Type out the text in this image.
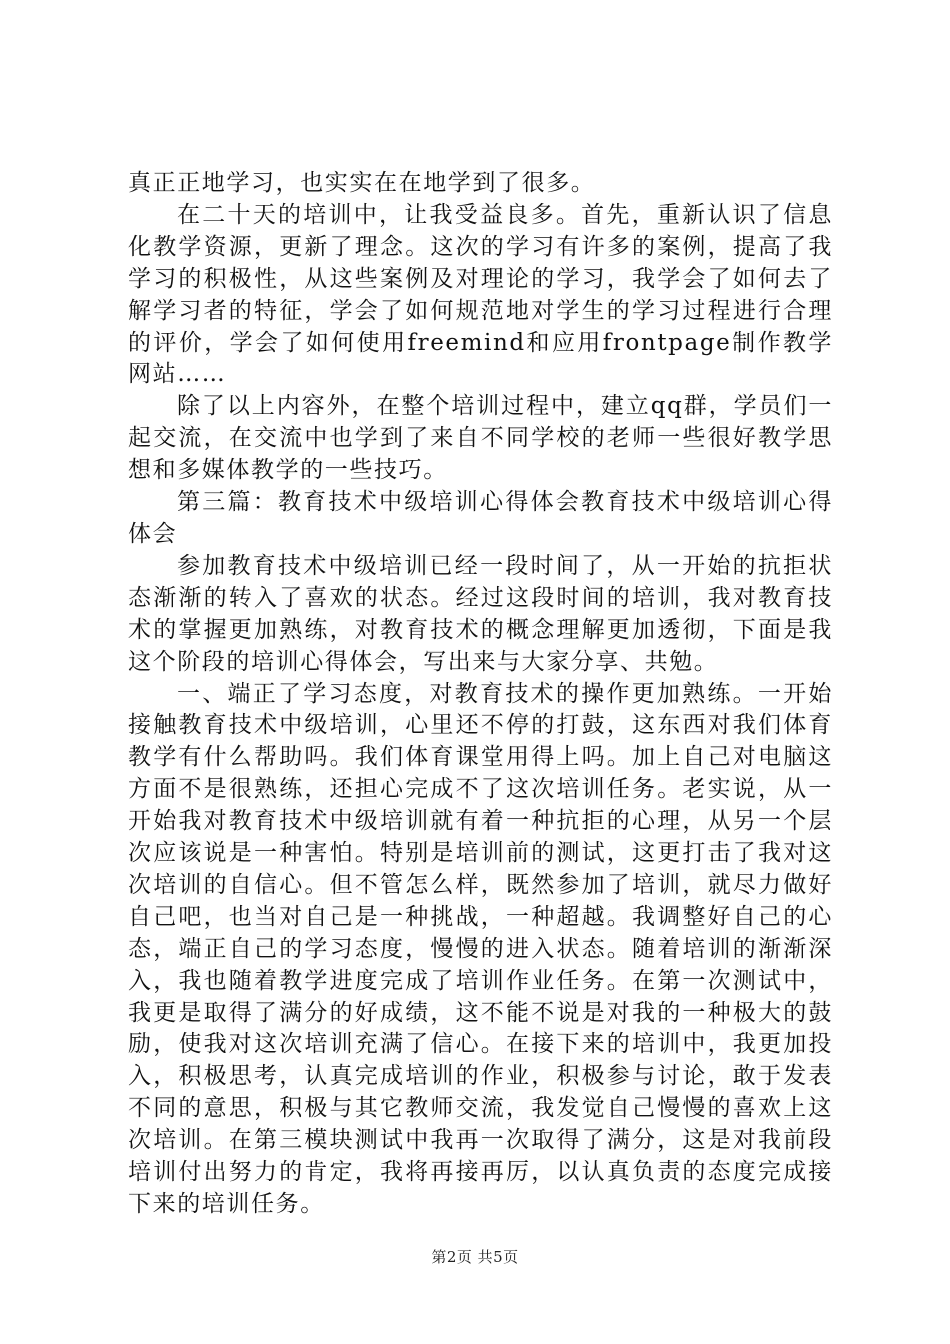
真正正地学习，也实实在在地学到了很多。

在二十天的培训中，让我受益良多。首先，重新认识了信息化教学资源，更新了理念。这次的学习有许多的案例，提高了我学习的积极性，从这些案例及对理论的学习，我学会了如何去了解学习者的特征，学会了如何规范地对学生的学习过程进行合理的评价，学会了如何使用freemind和应用frontpage制作教学网站……

除了以上内容外，在整个培训过程中，建立qq群，学员们一起交流，在交流中也学到了来自不同学校的老师一些很好教学思想和多媒体教学的一些技巧。

第三篇：教育技术中级培训心得体会教育技术中级培训心得体会

参加教育技术中级培训已经一段时间了，从一开始的抗拒状态渐渐的转入了喜欢的状态。经过这段时间的培训，我对教育技术的掌握更加熟练，对教育技术的概念理解更加透彻，下面是我这个阶段的培训心得体会，写出来与大家分享、共勉。

一、端正了学习态度，对教育技术的操作更加熟练。一开始接触教育技术中级培训，心里还不停的打鼓，这东西对我们体育教学有什么帮助吗。我们体育课堂用得上吗。加上自己对电脑这方面不是很熟练，还担心完成不了这次培训任务。老实说，从一开始我对教育技术中级培训就有着一种抗拒的心理，从另一个层次应该说是一种害怕。特别是培训前的测试，这更打击了我对这次培训的自信心。但不管怎么样，既然参加了培训，就尽力做好自己吧，也当对自己是一种挑战，一种超越。我调整好自己的心态，端正自己的学习态度，慢慢的进入状态。随着培训的渐渐深入，我也随着教学进度完成了培训作业任务。在第一次测试中，我更是取得了满分的好成绩，这不能不说是对我的一种极大的鼓励，使我对这次培训充满了信心。在接下来的培训中，我更加投入，积极思考，认真完成培训的作业，积极参与讨论，敢于发表不同的意思，积极与其它教师交流，我发觉自己慢慢的喜欢上这次培训。在第三模块测试中我再一次取得了满分，这是对我前段培训付出努力的肯定，我将再接再厉，以认真负责的态度完成接下来的培训任务。

第2页 共5页
